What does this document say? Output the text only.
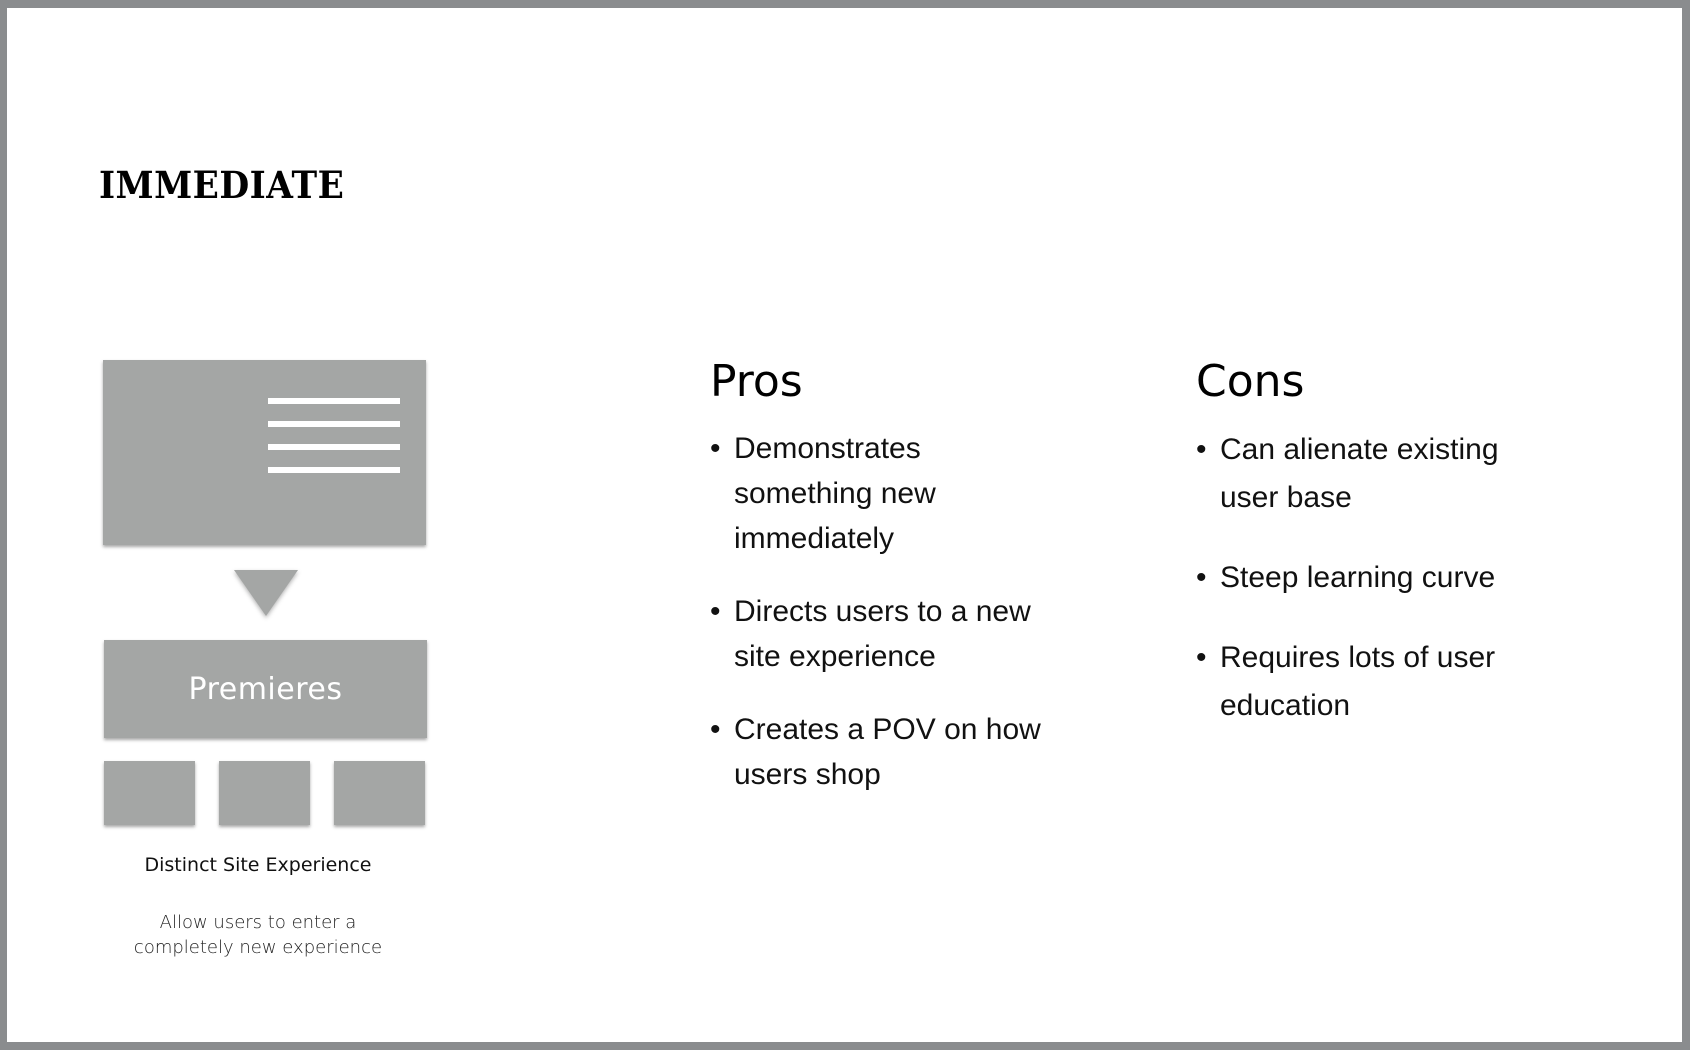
IMMEDIATE
Premieres
Distinct Site Experience
Allow users to enter a completely new experience
Pros
• Demonstrates something new immediately
• Directs users to a new site experience
• Creates a POV on how users shop
Cons
• Can alienate existing user base
• Steep learning curve
• Requires lots of user education
